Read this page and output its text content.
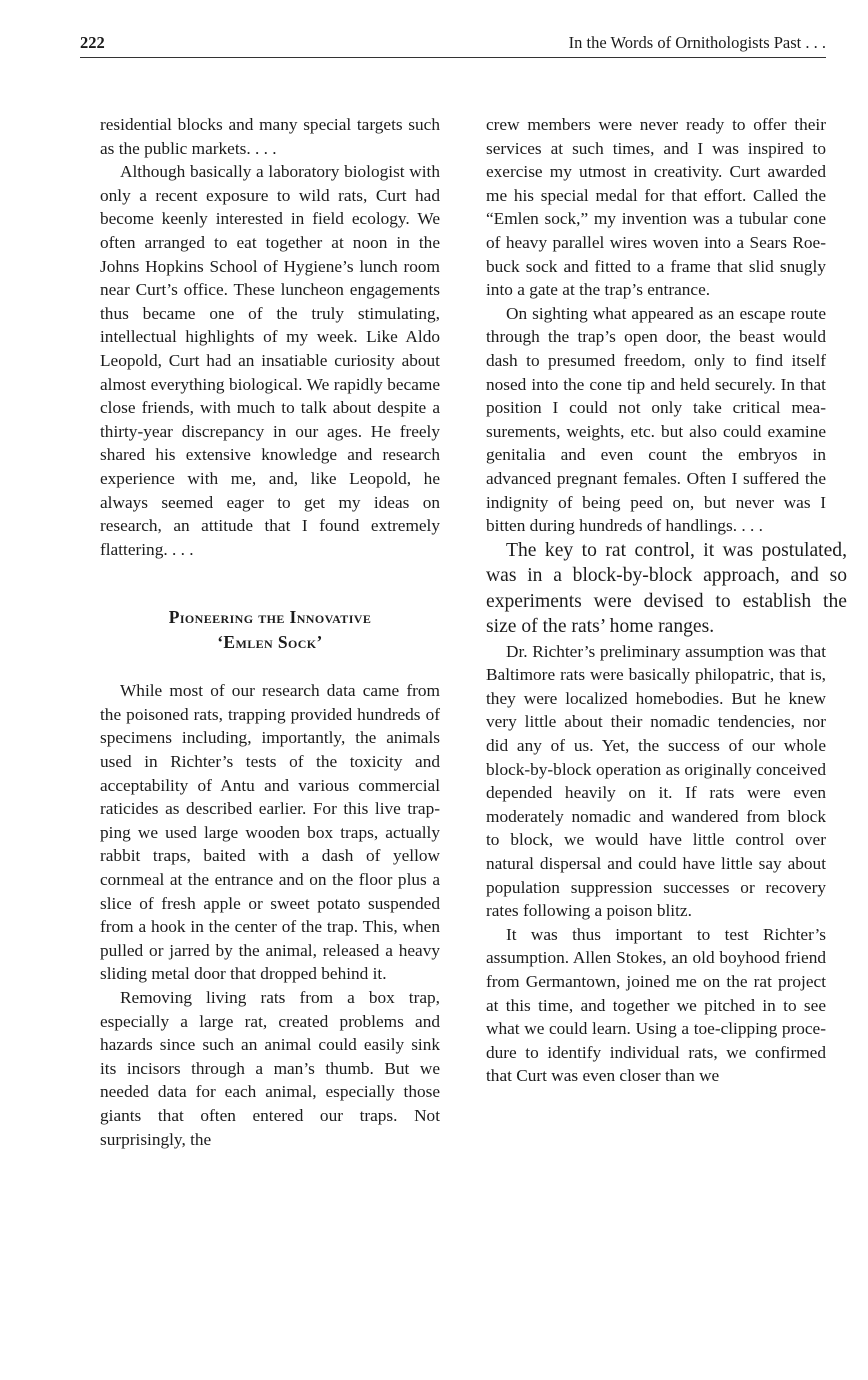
222	In the Words of Ornithologists Past . . .

residential blocks and many special targets such as the public markets. . . .

Although basically a laboratory biologist with only a recent exposure to wild rats, Curt had become keenly interested in field ecology. We often arranged to eat together at noon in the Johns Hopkins School of Hygiene’s lunch room near Curt’s office. These luncheon engagements thus became one of the truly stimulating, intellectual highlights of my week. Like Aldo Leopold, Curt had an insatiable curiosity about almost everything biological. We rapidly became close friends, with much to talk about despite a thirty-year discrepancy in our ages. He freely shared his extensive knowledge and research experience with me, and, like Leopold, he always seemed eager to get my ideas on research, an attitude that I found extremely flattering. . . .

Pioneering the Innovative
‘Emlen Sock’

While most of our research data came from the poisoned rats, trapping provided hundreds of specimens including, importantly, the animals used in Richter’s tests of the toxicity and acceptability of Antu and various commercial raticides as described earlier. For this live trapping we used large wooden box traps, actually rabbit traps, baited with a dash of yellow cornmeal at the entrance and on the floor plus a slice of fresh apple or sweet potato suspended from a hook in the center of the trap. This, when pulled or jarred by the animal, released a heavy sliding metal door that dropped behind it.

Removing living rats from a box trap, especially a large rat, created problems and hazards since such an animal could easily sink its incisors through a man’s thumb. But we needed data for each animal, especially those giants that often entered our traps. Not surprisingly, the

crew members were never ready to offer their services at such times, and I was inspired to exercise my utmost in creativity. Curt awarded me his special medal for that effort. Called the “Emlen sock,” my invention was a tubular cone of heavy parallel wires woven into a Sears Roebuck sock and fitted to a frame that slid snugly into a gate at the trap’s entrance.

On sighting what appeared as an escape route through the trap’s open door, the beast would dash to presumed freedom, only to find itself nosed into the cone tip and held securely. In that position I could not only take critical measurements, weights, etc. but also could examine genitalia and even count the embryos in advanced pregnant females. Often I suffered the indignity of being peed on, but never was I bitten during hundreds of handlings. . . .

The key to rat control, it was postulated, was in a block-by-block approach, and so experiments were devised to establish the size of the rats’ home ranges.

Dr. Richter’s preliminary assumption was that Baltimore rats were basically philopatric, that is, they were localized homebodies. But he knew very little about their nomadic tendencies, nor did any of us. Yet, the success of our whole block-by-block operation as originally conceived depended heavily on it. If rats were even moderately nomadic and wandered from block to block, we would have little control over natural dispersal and could have little say about population suppression successes or recovery rates following a poison blitz.

It was thus important to test Richter’s assumption. Allen Stokes, an old boyhood friend from Germantown, joined me on the rat project at this time, and together we pitched in to see what we could learn. Using a toe-clipping procedure to identify individual rats, we confirmed that Curt was even closer than we
